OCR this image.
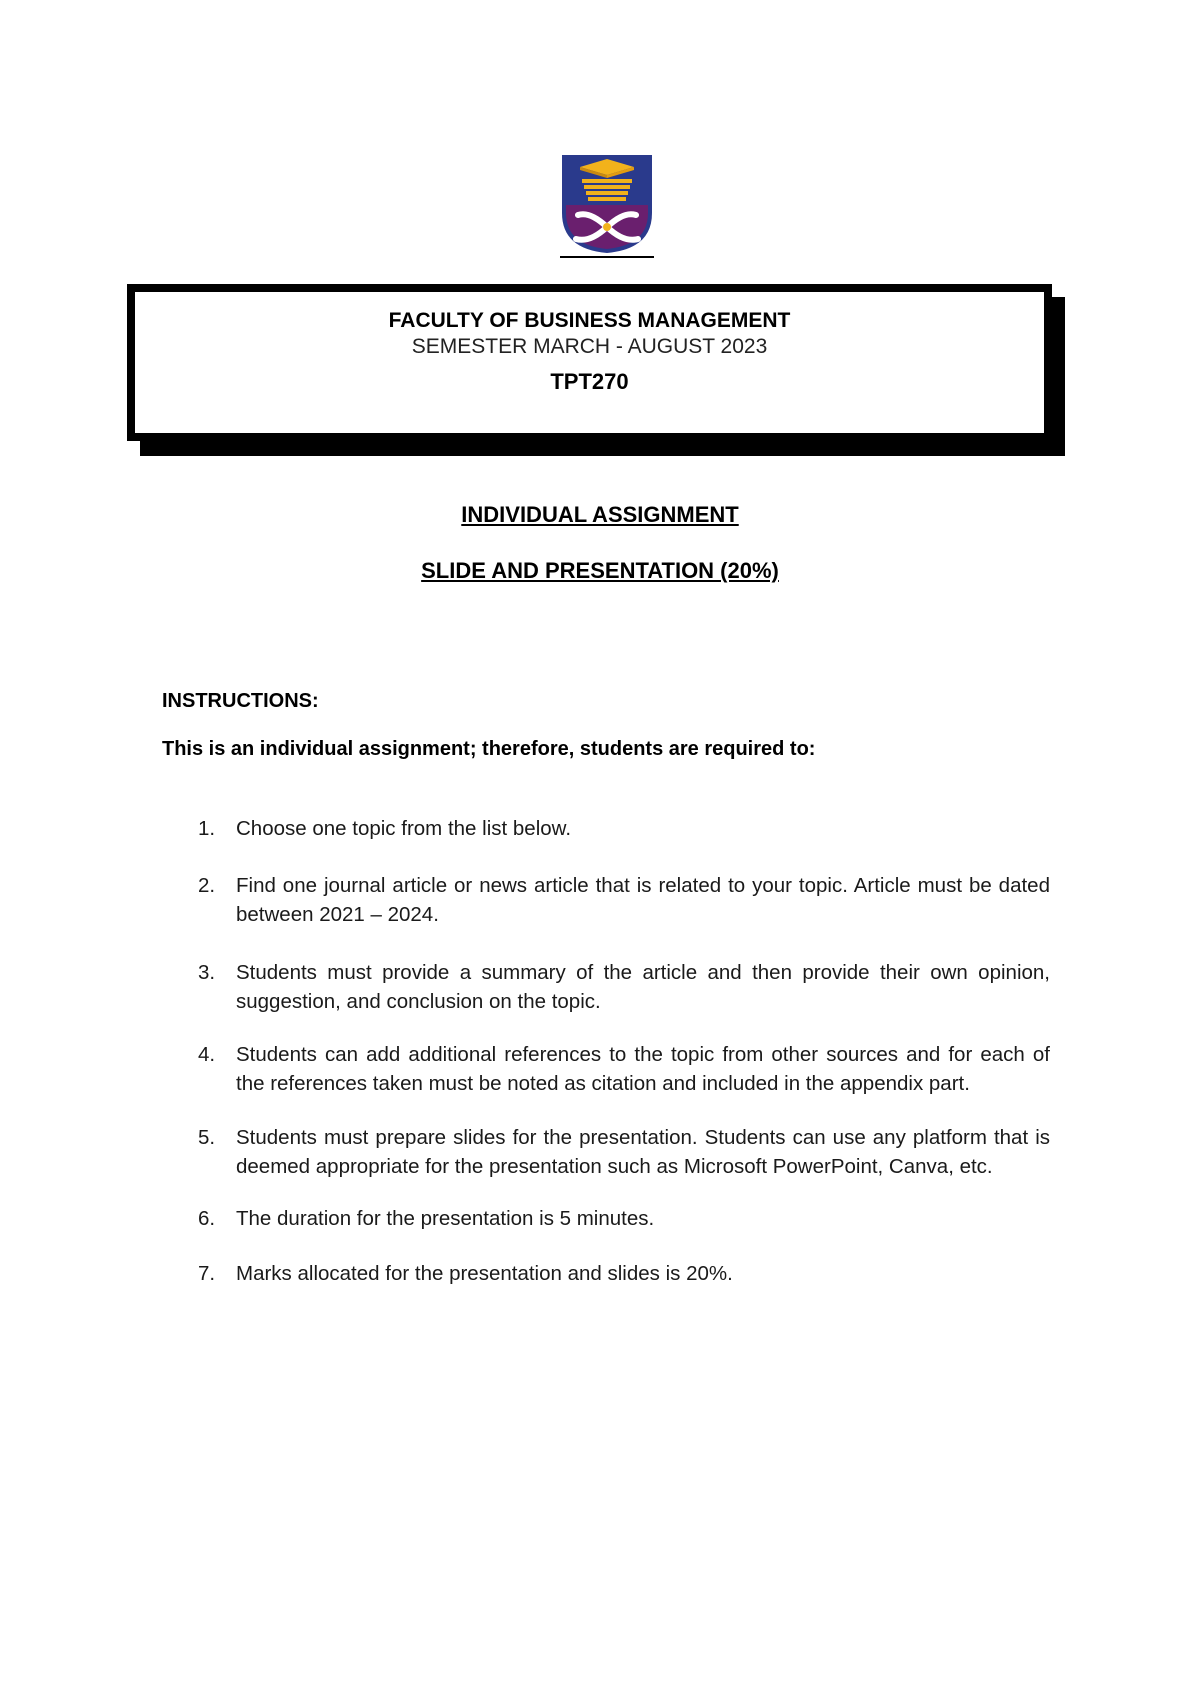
FACULTY OF BUSINESS MANAGEMENT
SEMESTER MARCH - AUGUST 2023
TPT270
INDIVIDUAL ASSIGNMENT
SLIDE AND PRESENTATION (20%)
INSTRUCTIONS:
This is an individual assignment; therefore, students are required to:
1.	Choose one topic from the list below.
2.	Find one journal article or news article that is related to your topic. Article must be dated between 2021 – 2024.
3.	Students must provide a summary of the article and then provide their own opinion, suggestion, and conclusion on the topic.
4.	Students can add additional references to the topic from other sources and for each of the references taken must be noted as citation and included in the appendix part.
5.	Students must prepare slides for the presentation. Students can use any platform that is deemed appropriate for the presentation such as Microsoft PowerPoint, Canva, etc.
6.	The duration for the presentation is 5 minutes.
7.	Marks allocated for the presentation and slides is 20%.
